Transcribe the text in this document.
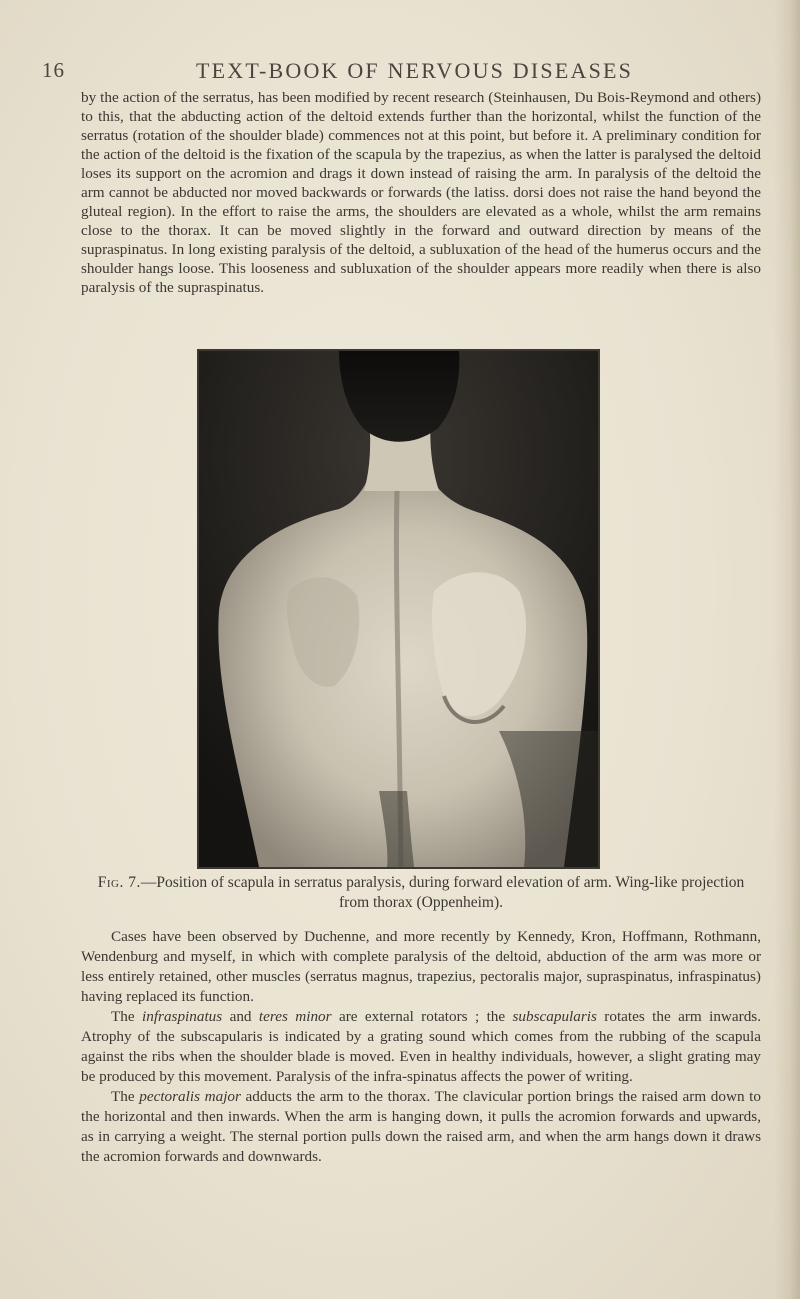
16	TEXT-BOOK OF NERVOUS DISEASES

by the action of the serratus, has been modified by recent research (Steinhausen, Du Bois-Reymond and others) to this, that the abducting action of the deltoid extends further than the horizontal, whilst the function of the serratus (rotation of the shoulder blade) commences not at this point, but before it. A preliminary condition for the action of the deltoid is the fixation of the scapula by the trapezius, as when the latter is paralysed the deltoid loses its support on the acromion and drags it down instead of raising the arm. In paralysis of the deltoid the arm cannot be abducted nor moved backwards or forwards (the latiss. dorsi does not raise the hand beyond the gluteal region). In the effort to raise the arms, the shoulders are elevated as a whole, whilst the arm remains close to the thorax. It can be moved slightly in the forward and outward direction by means of the supraspinatus. In long existing paralysis of the deltoid, a subluxation of the head of the humerus occurs and the shoulder hangs loose. This looseness and subluxation of the shoulder appears more readily when there is also paralysis of the supraspinatus.

Fig. 7.—Position of scapula in serratus paralysis, during forward elevation of arm. Wing-like projection from thorax (Oppenheim).

Cases have been observed by Duchenne, and more recently by Kennedy, Kron, Hoffmann, Rothmann, Wendenburg and myself, in which with complete paralysis of the deltoid, abduction of the arm was more or less entirely retained, other muscles (serratus magnus, trapezius, pectoralis major, supraspinatus, infraspinatus) having replaced its function.

The infraspinatus and teres minor are external rotators ; the subscapularis rotates the arm inwards. Atrophy of the subscapularis is indicated by a grating sound which comes from the rubbing of the scapula against the ribs when the shoulder blade is moved. Even in healthy individuals, however, a slight grating may be produced by this movement. Paralysis of the infra-spinatus affects the power of writing.

The pectoralis major adducts the arm to the thorax. The clavicular portion brings the raised arm down to the horizontal and then inwards. When the arm is hanging down, it pulls the acromion forwards and upwards, as in carrying a weight. The sternal portion pulls down the raised arm, and when the arm hangs down it draws the acromion forwards and downwards.
